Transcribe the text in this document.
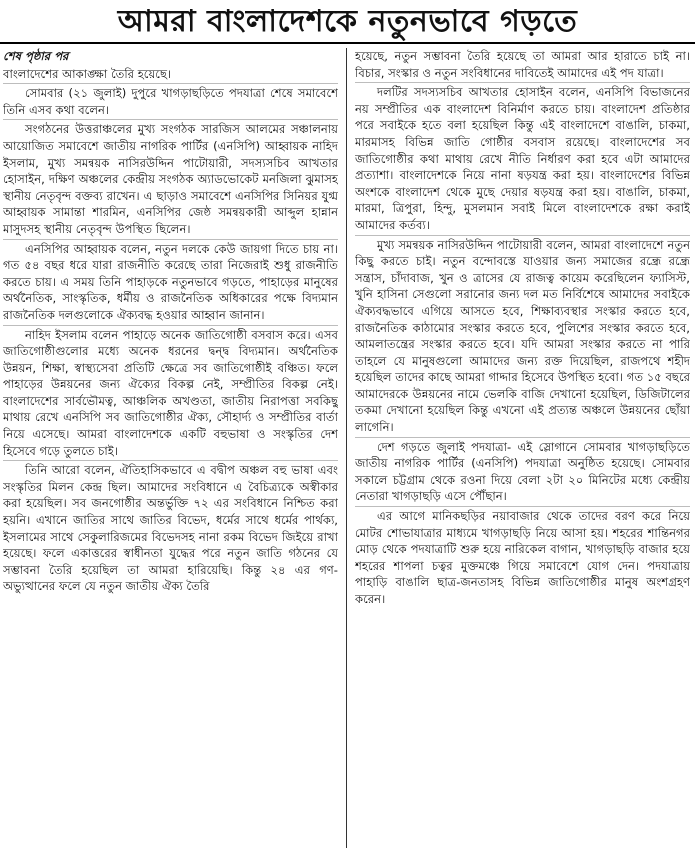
আমরা বাংলাদেশকে নতুনভাবে গড়তে

শেষ পৃষ্ঠার পর

বাংলাদেশের আকাঙ্ক্ষা তৈরি হয়েছে।

সোমবার (২১ জুলাই) দুপুরে খাগড়াছড়িতে পদযাত্রা শেষে সমাবেশে তিনি এসব কথা বলেন।

সংগঠনের উত্তরাঞ্চলের মুখ্য সংগঠক সারজিস আলমের সঞ্চালনায় আয়োজিত সমাবেশে জাতীয় নাগরিক পার্টির (এনসিপি) আহ্বায়ক নাহিদ ইসলাম, মুখ্য সমন্বয়ক নাসিরউদ্দিন পাটোয়ারী, সদস্যসচিব আখতার হোসাইন, দক্ষিণ অঞ্চলের কেন্দ্রীয় সংগঠক অ্যাডভোকেট মনজিলা ঝুমাসহ স্থানীয় নেতৃবৃন্দ বক্তব্য রাখেন। এ ছাড়াও সমাবেশে এনসিপির সিনিয়র যুগ্ম আহ্বায়ক সামান্তা শারমিন, এনসিপির জেষ্ঠ সমন্বয়কারী আব্দুল হান্নান মাসুদসহ স্থানীয় নেতৃবৃন্দ উপস্থিত ছিলেন।

এনসিপির আহ্বায়ক বলেন, নতুন দলকে কেউ জায়গা দিতে চায় না। গত ৫৪ বছর ধরে যারা রাজনীতি করেছে তারা নিজেরাই শুধু রাজনীতি করতে চায়। এ সময় তিনি পাহাড়কে নতুনভাবে গড়তে, পাহাড়ের মানুষের অর্থনৈতিক, সাংস্কৃতিক, ধর্মীয় ও রাজনৈতিক অধিকারের পক্ষে বিদ্যমান রাজনৈতিক দলগুলোকে ঐক্যবদ্ধ হওয়ার আহ্বান জানান।

নাহিদ ইসলাম বলেন পাহাড়ে অনেক জাতিগোষ্ঠী বসবাস করে। এসব জাতিগোষ্ঠীগুলোর মধ্যে অনেক ধরনের দ্বন্দ্ব বিদ্যমান। অর্থনৈতিক উন্নয়ন, শিক্ষা, স্বাস্থ্যসেবা প্রতিটি ক্ষেত্রে সব জাতিগোষ্ঠীই বঞ্চিত। ফলে পাহাড়ের উন্নয়নের জন্য ঐক্যের বিকল্প নেই, সম্প্রীতির বিকল্প নেই। বাংলাদেশের সার্বভৌমত্ব, আঞ্চলিক অখণ্ডতা, জাতীয় নিরাপত্তা সবকিছু মাথায় রেখে এনসিপি সব জাতিগোষ্ঠীর ঐক্য, সৌহার্দ্য ও সম্প্রীতির বার্তা নিয়ে এসেছে। আমরা বাংলাদেশকে একটি বহুভাষা ও সংস্কৃতির দেশ হিসেবে গড়ে তুলতে চাই।

তিনি আরো বলেন, ঐতিহাসিকভাবে এ বদ্বীপ অঞ্চল বহু ভাষা এবং সংস্কৃতির মিলন কেন্দ্র ছিল। আমাদের সংবিধানে এ বৈচিত্র্যকে অস্বীকার করা হয়েছিল। সব জনগোষ্ঠীর অন্তর্ভুক্তি ৭২ এর সংবিধানে নিশ্চিত করা হয়নি। এখানে জাতির সাথে জাতির বিভেদ, ধর্মের সাথে ধর্মের পার্থক্য, ইসলামের সাথে সেকুলারিজমের বিভেদসহ নানা রকম বিভেদ জিইয়ে রাখা হয়েছে। ফলে একাত্তরের স্বাধীনতা যুদ্ধের পরে নতুন জাতি গঠনের যে সম্ভাবনা তৈরি হয়েছিল তা আমরা হারিয়েছি। কিন্তু ২৪ এর গণ-অভ্যুত্থানের ফলে যে নতুন জাতীয় ঐক্য তৈরি

হয়েছে, নতুন সম্ভাবনা তৈরি হয়েছে তা আমরা আর হারাতে চাই না। বিচার, সংস্কার ও নতুন সংবিধানের দাবিতেই আমাদের এই পদ যাত্রা।

দলটির সদস্যসচিব আখতার হোসাইন বলেন, এনসিপি বিভাজনের নয় সম্প্রীতির এক বাংলাদেশ বিনির্মাণ করতে চায়। বাংলাদেশ প্রতিষ্ঠার পরে সবাইকে হতে বলা হয়েছিল কিন্তু এই বাংলাদেশে বাঙালি, চাকমা, মারমাসহ বিভিন্ন জাতি গোষ্ঠীর বসবাস রয়েছে। বাংলাদেশের সব জাতিগোষ্ঠীর কথা মাথায় রেখে নীতি নির্ধারণ করা হবে এটা আমাদের প্রত্যাশা। বাংলাদেশকে নিয়ে নানা ষড়যন্ত্র করা হয়। বাংলাদেশের বিভিন্ন অংশকে বাংলাদেশ থেকে মুছে দেয়ার ষড়যন্ত্র করা হয়। বাঙালি, চাকমা, মারমা, ত্রিপুরা, হিন্দু, মুসলমান সবাই মিলে বাংলাদেশকে রক্ষা করাই আমাদের কর্তব্য।

মুখ্য সমন্বয়ক নাসিরউদ্দিন পাটোয়ারী বলেন, আমরা বাংলাদেশে নতুন কিছু করতে চাই। নতুন বন্দোবস্তে যাওয়ার জন্য সমাজের রন্ধ্রে রন্ধ্রে সন্ত্রাস, চাঁদাবাজ, খুন ও ত্রাসের যে রাজত্ব কায়েম করেছিলেন ফ্যাসিস্ট, খুনি হাসিনা সেগুলো সরানোর জন্য দল মত নির্বিশেষে আমাদের সবাইকে ঐক্যবদ্ধভাবে এগিয়ে আসতে হবে, শিক্ষাব্যবস্থার সংস্কার করতে হবে, রাজনৈতিক কাঠামোর সংস্কার করতে হবে, পুলিশের সংস্কার করতে হবে, আমলাতন্ত্রের সংস্কার করতে হবে। যদি আমরা সংস্কার করতে না পারি তাহলে যে মানুষগুলো আমাদের জন্য রক্ত দিয়েছিল, রাজপথে শহীদ হয়েছিল তাদের কাছে আমরা গাদ্দার হিসেবে উপস্থিত হবো। গত ১৫ বছরে আমাদেরকে উন্নয়নের নামে ভেলকি বাজি দেখানো হয়েছিল, ডিজিটালের তকমা দেখানো হয়েছিল কিন্তু এখনো এই প্রত্যন্ত অঞ্চলে উন্নয়নের ছোঁয়া লাগেনি।

দেশ গড়তে জুলাই পদযাত্রা- এই স্লোগানে সোমবার খাগড়াছড়িতে জাতীয় নাগরিক পার্টির (এনসিপি) পদযাত্রা অনুষ্ঠিত হয়েছে। সোমবার সকালে চট্টগ্রাম থেকে রওনা দিয়ে বেলা ২টা ২০ মিনিটের মধ্যে কেন্দ্রীয় নেতারা খাগড়াছড়ি এসে পৌঁছান।

এর আগে মানিকছড়ির নয়াবাজার থেকে তাদের বরণ করে নিয়ে মোটর শোভাযাত্রার মাধ্যমে খাগড়াছড়ি নিয়ে আসা হয়। শহরের শান্তিনগর মোড় থেকে পদযাত্রাটি শুরু হয়ে নারিকেল বাগান, খাগড়াছড়ি বাজার হয়ে শহরের শাপলা চত্বর মুক্তমঞ্চে গিয়ে সমাবেশে যোগ দেন। পদযাত্রায় পাহাড়ি বাঙালি ছাত্র-জনতাসহ বিভিন্ন জাতিগোষ্ঠীর মানুষ অংশগ্রহণ করেন।
